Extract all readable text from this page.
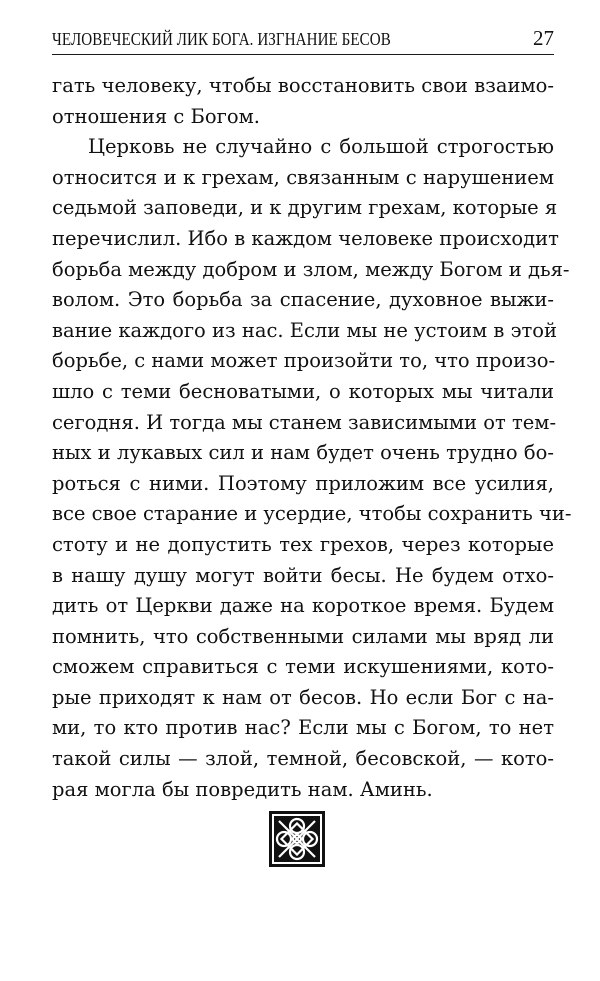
ЧЕЛОВЕЧЕСКИЙ ЛИК БОГА. ИЗГНАНИЕ БЕСОВ	27
гать человеку, чтобы восстановить свои взаимо-
отношения с Богом.
Церковь не случайно с большой строгостью
относится и к грехам, связанным с нарушением
седьмой заповеди, и к другим грехам, которые я
перечислил. Ибо в каждом человеке происходит
борьба между добром и злом, между Богом и дья-
волом. Это борьба за спасение, духовное выжи-
вание каждого из нас. Если мы не устоим в этой
борьбе, с нами может произойти то, что произо-
шло с теми бесноватыми, о которых мы читали
сегодня. И тогда мы станем зависимыми от тем-
ных и лукавых сил и нам будет очень трудно бо-
роться с ними. Поэтому приложим все усилия,
все свое старание и усердие, чтобы сохранить чи-
стоту и не допустить тех грехов, через которые
в нашу душу могут войти бесы. Не будем отхо-
дить от Церкви даже на короткое время. Будем
помнить, что собственными силами мы вряд ли
сможем справиться с теми искушениями, кото-
рые приходят к нам от бесов. Но если Бог с на-
ми, то кто против нас? Если мы с Богом, то нет
такой силы — злой, темной, бесовской, — кото-
рая могла бы повредить нам. Аминь.
